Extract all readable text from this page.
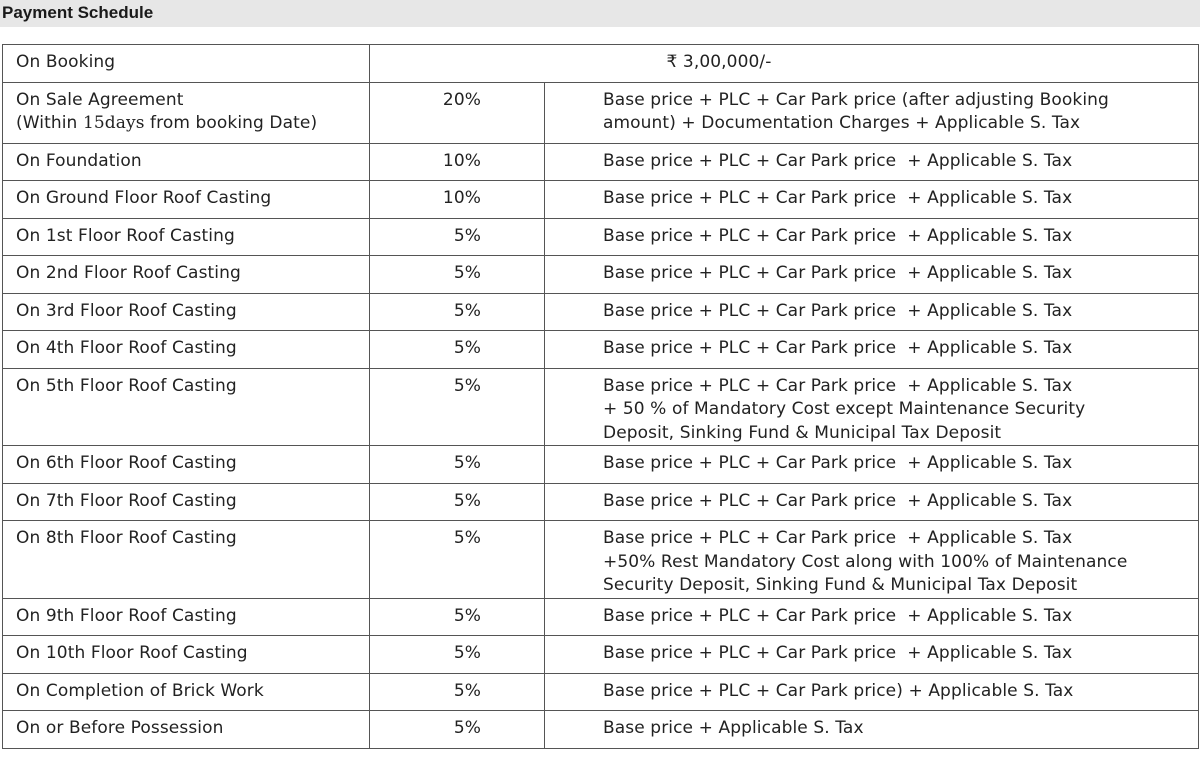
Payment Schedule
On Booking	₹ 3,00,000/-	
On Sale Agreement
(Within 15days from booking Date)	20%	Base price + PLC + Car Park price (after adjusting Booking
amount) + Documentation Charges + Applicable S. Tax
On Foundation	10%	Base price + PLC + Car Park price  + Applicable S. Tax
On Ground Floor Roof Casting	10%	Base price + PLC + Car Park price  + Applicable S. Tax
On 1st Floor Roof Casting	5%	Base price + PLC + Car Park price  + Applicable S. Tax
On 2nd Floor Roof Casting	5%	Base price + PLC + Car Park price  + Applicable S. Tax
On 3rd Floor Roof Casting	5%	Base price + PLC + Car Park price  + Applicable S. Tax
On 4th Floor Roof Casting	5%	Base price + PLC + Car Park price  + Applicable S. Tax
On 5th Floor Roof Casting	5%	Base price + PLC + Car Park price  + Applicable S. Tax
+ 50 % of Mandatory Cost except Maintenance Security
Deposit, Sinking Fund & Municipal Tax Deposit
On 6th Floor Roof Casting	5%	Base price + PLC + Car Park price  + Applicable S. Tax
On 7th Floor Roof Casting	5%	Base price + PLC + Car Park price  + Applicable S. Tax
On 8th Floor Roof Casting	5%	Base price + PLC + Car Park price  + Applicable S. Tax
+50% Rest Mandatory Cost along with 100% of Maintenance
Security Deposit, Sinking Fund & Municipal Tax Deposit
On 9th Floor Roof Casting	5%	Base price + PLC + Car Park price  + Applicable S. Tax
On 10th Floor Roof Casting	5%	Base price + PLC + Car Park price  + Applicable S. Tax
On Completion of Brick Work	5%	Base price + PLC + Car Park price) + Applicable S. Tax
On or Before Possession	5%	Base price + Applicable S. Tax
